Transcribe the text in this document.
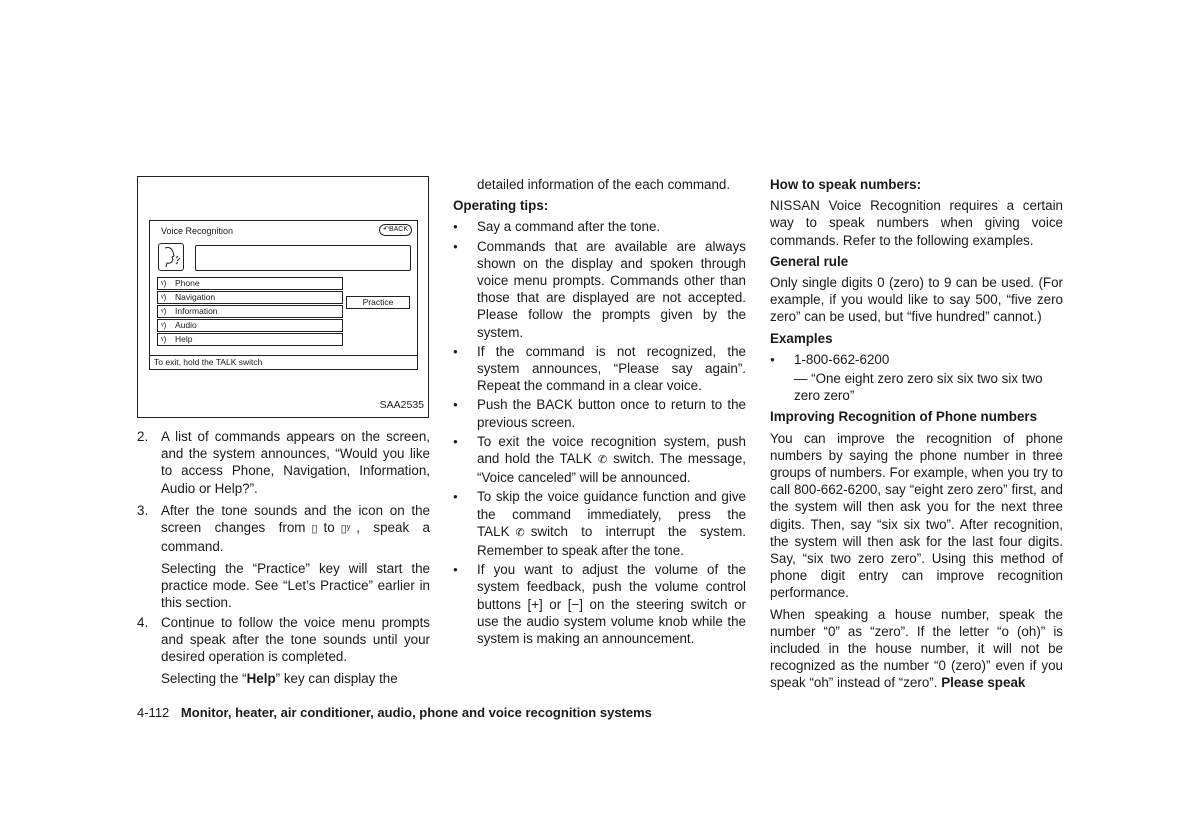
Voice Recognition	↶BACK
ᵞ) Phone
ᵞ) Navigation
ᵞ) Information
ᵞ) Audio
ᵞ) Help
Practice
To exit, hold the TALK switch
SAA2535
2. A list of commands appears on the screen, and the system announces, “Would you like to access Phone, Navigation, Information, Audio or Help?”.

3. After the tone sounds and the icon on the screen changes from ▯ to ▯ʸ , speak a command.

Selecting the “Practice” key will start the practice mode. See “Let’s Practice” earlier in this section.

4. Continue to follow the voice menu prompts and speak after the tone sounds until your desired operation is completed.

Selecting the “Help” key can display the

detailed information of the each command.

Operating tips:

● Say a command after the tone.

● Commands that are available are always shown on the display and spoken through voice menu prompts. Commands other than those that are displayed are not accepted. Please follow the prompts given by the system.

● If the command is not recognized, the system announces, “Please say again”. Repeat the command in a clear voice.

● Push the BACK button once to return to the previous screen.

● To exit the voice recognition system, push and hold the TALK ✆ switch. The message, “Voice canceled” will be announced.

● To skip the voice guidance function and give the command immediately, press the TALK ✆ switch to interrupt the system. Remember to speak after the tone.

● If you want to adjust the volume of the system feedback, push the volume control buttons [+] or [−] on the steering switch or use the audio system volume knob while the system is making an announcement.

How to speak numbers:

NISSAN Voice Recognition requires a certain way to speak numbers when giving voice commands. Refer to the following examples.

General rule

Only single digits 0 (zero) to 9 can be used. (For example, if you would like to say 500, “five zero zero” can be used, but “five hundred” cannot.)

Examples

● 1-800-662-6200

— “One eight zero zero six six two six two zero zero”

Improving Recognition of Phone numbers

You can improve the recognition of phone numbers by saying the phone number in three groups of numbers. For example, when you try to call 800-662-6200, say “eight zero zero” first, and the system will then ask you for the next three digits. Then, say “six six two”. After recognition, the system will then ask for the last four digits. Say, “six two zero zero”. Using this method of phone digit entry can improve recognition performance.

When speaking a house number, speak the number “0” as “zero”. If the letter “o (oh)” is included in the house number, it will not be recognized as the number “0 (zero)” even if you speak “oh” instead of “zero”. Please speak

4-112 Monitor, heater, air conditioner, audio, phone and voice recognition systems
